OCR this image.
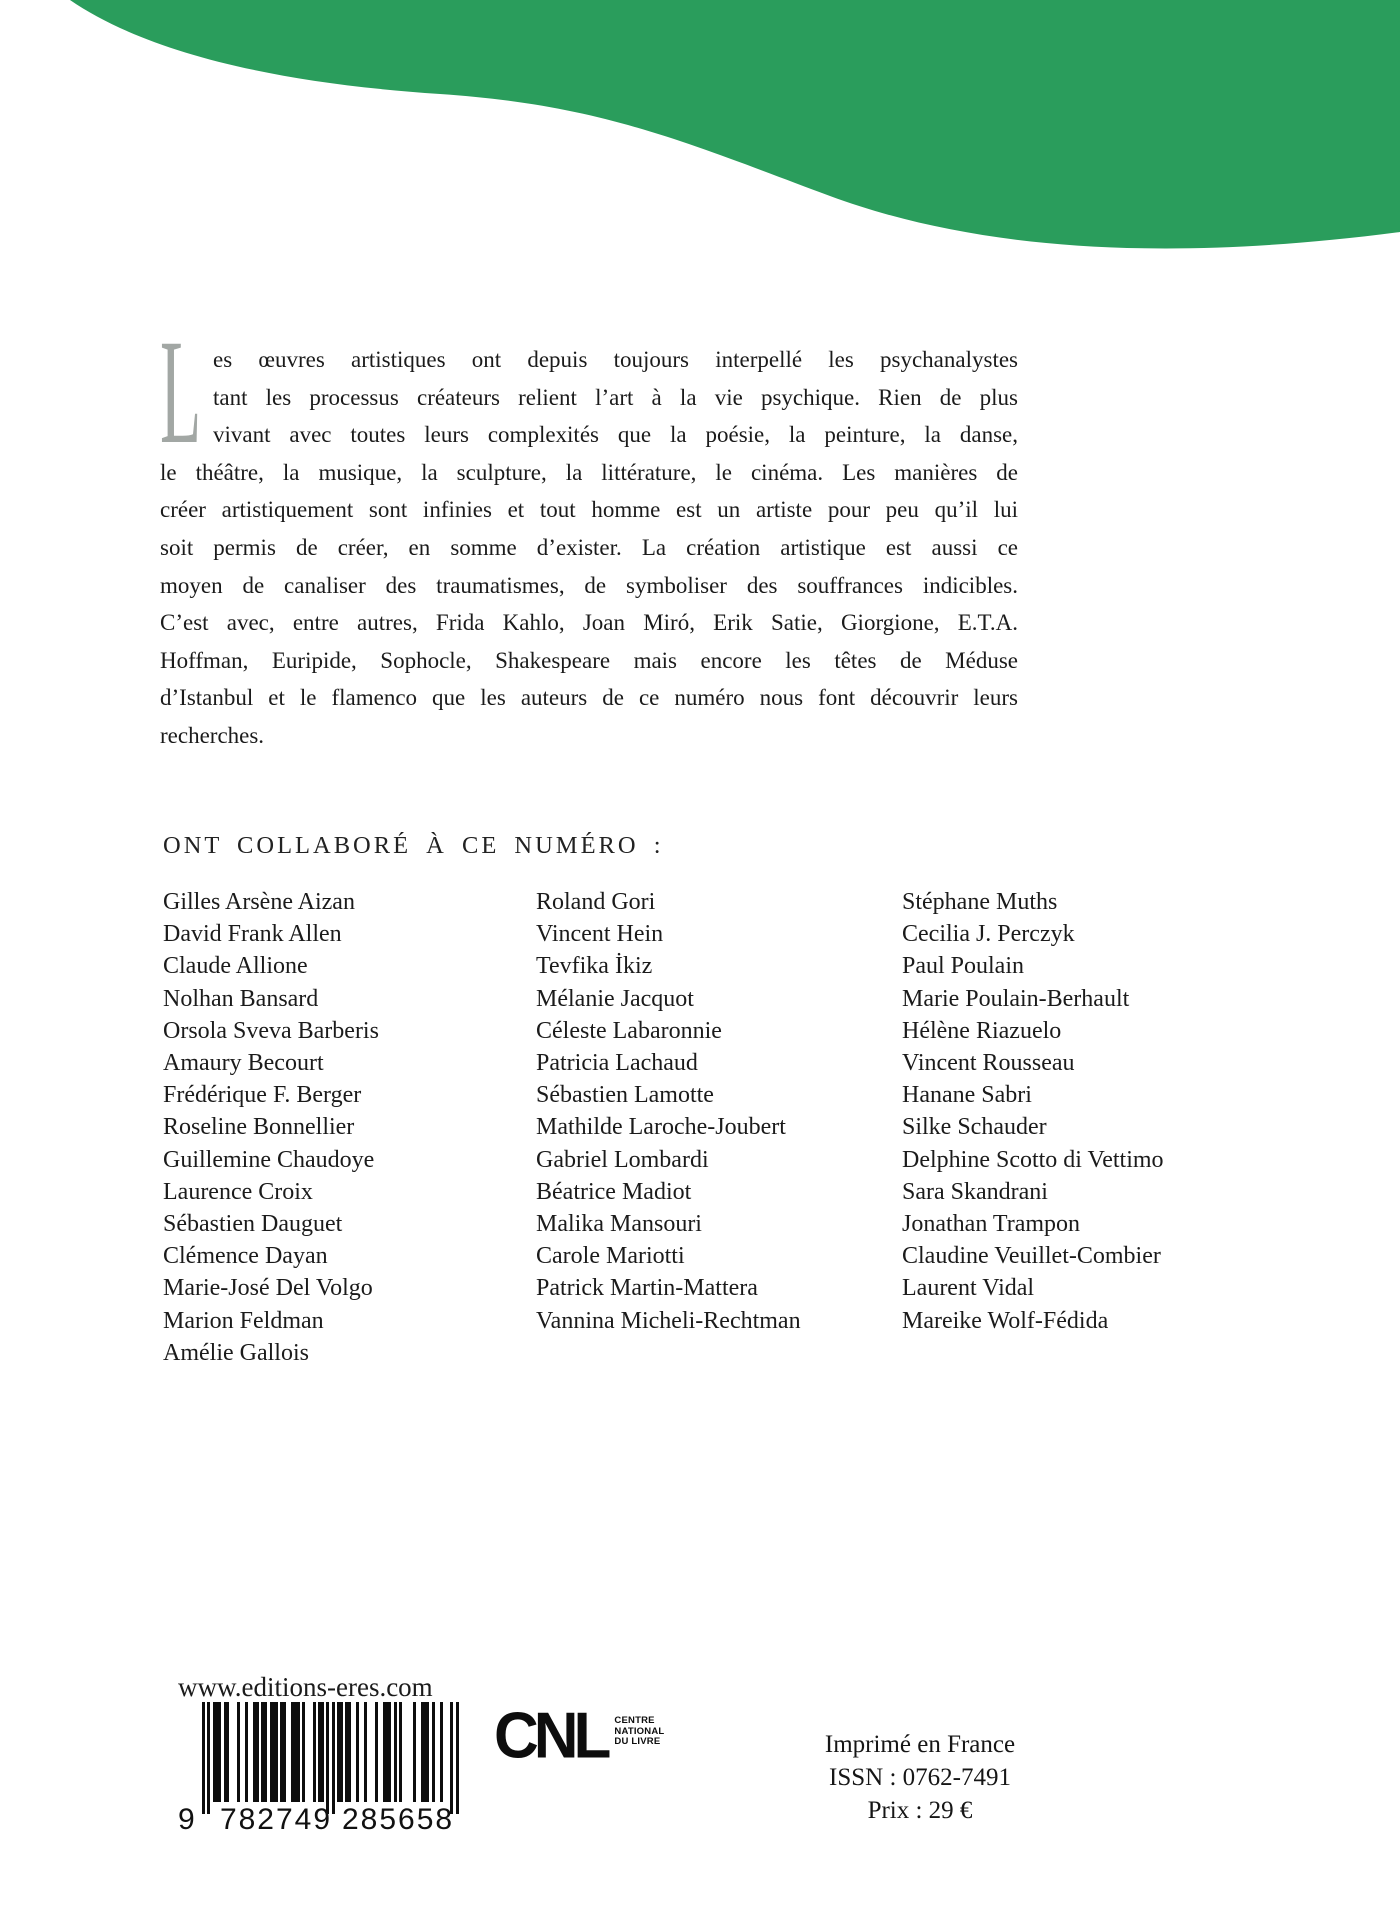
L es œuvres artistiques ont depuis toujours interpellé les psychanalystes
tant les processus créateurs relient l’art à la vie psychique. Rien de plus
vivant avec toutes leurs complexités que la poésie, la peinture, la danse,
le théâtre, la musique, la sculpture, la littérature, le cinéma. Les manières de
créer artistiquement sont infinies et tout homme est un artiste pour peu qu’il lui
soit permis de créer, en somme d’exister. La création artistique est aussi ce
moyen de canaliser des traumatismes, de symboliser des souffrances indicibles.
C’est avec, entre autres, Frida Kahlo, Joan Miró, Erik Satie, Giorgione, E.T.A.
Hoffman, Euripide, Sophocle, Shakespeare mais encore les têtes de Méduse
d’Istanbul et le flamenco que les auteurs de ce numéro nous font découvrir leurs
recherches.
ONT COLLABORÉ À CE NUMÉRO :
Gilles Arsène Aizan
David Frank Allen
Claude Allione
Nolhan Bansard
Orsola Sveva Barberis
Amaury Becourt
Frédérique F. Berger
Roseline Bonnellier
Guillemine Chaudoye
Laurence Croix
Sébastien Dauguet
Clémence Dayan
Marie-José Del Volgo
Marion Feldman
Amélie Gallois
Roland Gori
Vincent Hein
Tevfika İkiz
Mélanie Jacquot
Céleste Labaronnie
Patricia Lachaud
Sébastien Lamotte
Mathilde Laroche-Joubert
Gabriel Lombardi
Béatrice Madiot
Malika Mansouri
Carole Mariotti
Patrick Martin-Mattera
Vannina Micheli-Rechtman
Stéphane Muths
Cecilia J. Perczyk
Paul Poulain
Marie Poulain-Berhault
Hélène Riazuelo
Vincent Rousseau
Hanane Sabri
Silke Schauder
Delphine Scotto di Vettimo
Sara Skandrani
Jonathan Trampon
Claudine Veuillet-Combier
Laurent Vidal
Mareike Wolf-Fédida
www.editions-eres.com
9 782749 285658
CNL CENTRE
NATIONAL
DU LIVRE	Imprimé en France
ISSN : 0762-7491
Prix : 29 €
